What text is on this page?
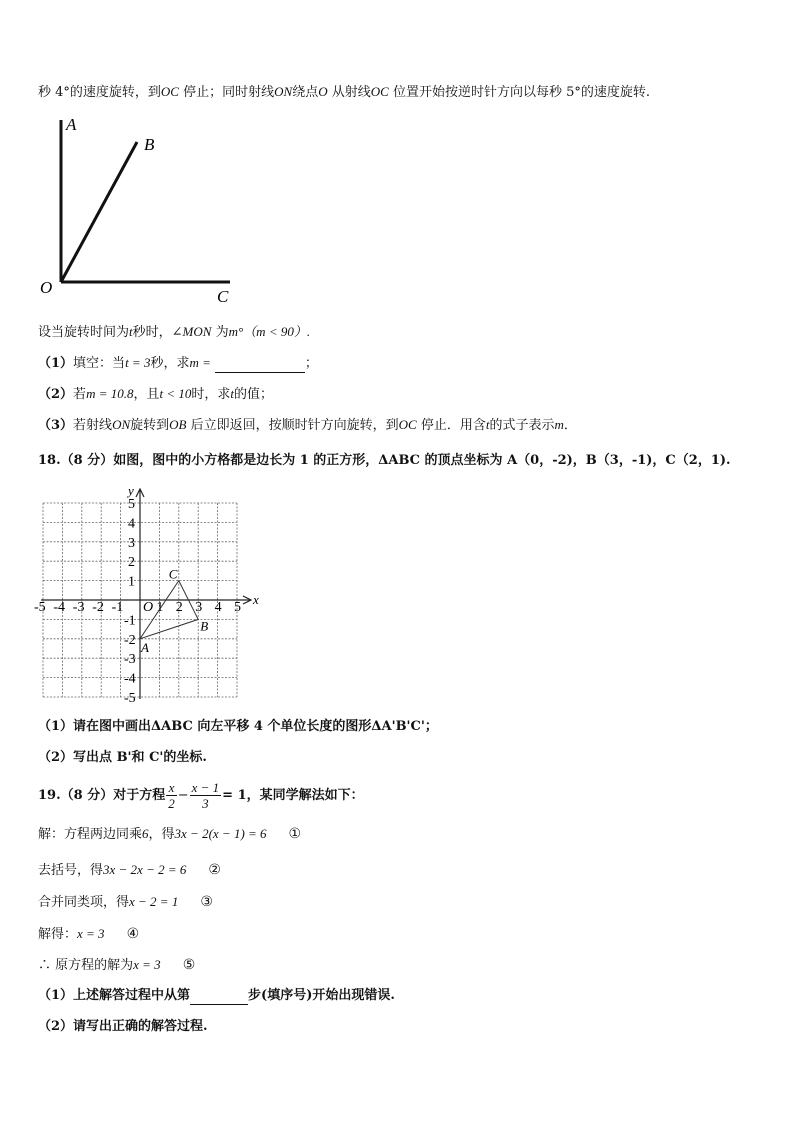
秒 4°的速度旋转，到OC 停止；同时射线ON绕点O 从射线OC 位置开始按逆时针方向以每秒 5°的速度旋转.
A
B
O	C
设当旋转时间为t秒时，∠MON 为m°（m < 90）.
（1）填空：当t = 3秒，求m =	；
（2）若m = 10.8，且t < 10时，求t的值；
（3）若射线ON旋转到OB 后立即返回，按顺时针方向旋转，到OC 停止．用含t的式子表示m．
18.（8 分）如图，图中的小方格都是边长为 1 的正方形，ΔABC 的顶点坐标为 A（0，-2)，B（3，-1)，C（2，1).
x
y
-5 -4 -3 -2 -1 1 2 3 4 5
5
4
3
2
1
-1
-2
-3
-4
-5
O
A
B
C
（1）请在图中画出ΔABC 向左平移 4 个单位长度的图形ΔA'B'C'；
（2）写出点 B'和 C'的坐标.
19.（8 分）对于方程 $\frac{x}{2} - \frac{x - 1}{3} = 1$，某同学解法如下：
解：方程两边同乘6，得3x − 2(x − 1) = 6 ①
去括号，得3x − 2x − 2 = 6 ②
合并同类项，得x − 2 = 1 ③
解得：x = 3 ④
∴ 原方程的解为x = 3 ⑤
（1）上述解答过程中从第	步(填序号)开始出现错误.
（2）请写出正确的解答过程.
